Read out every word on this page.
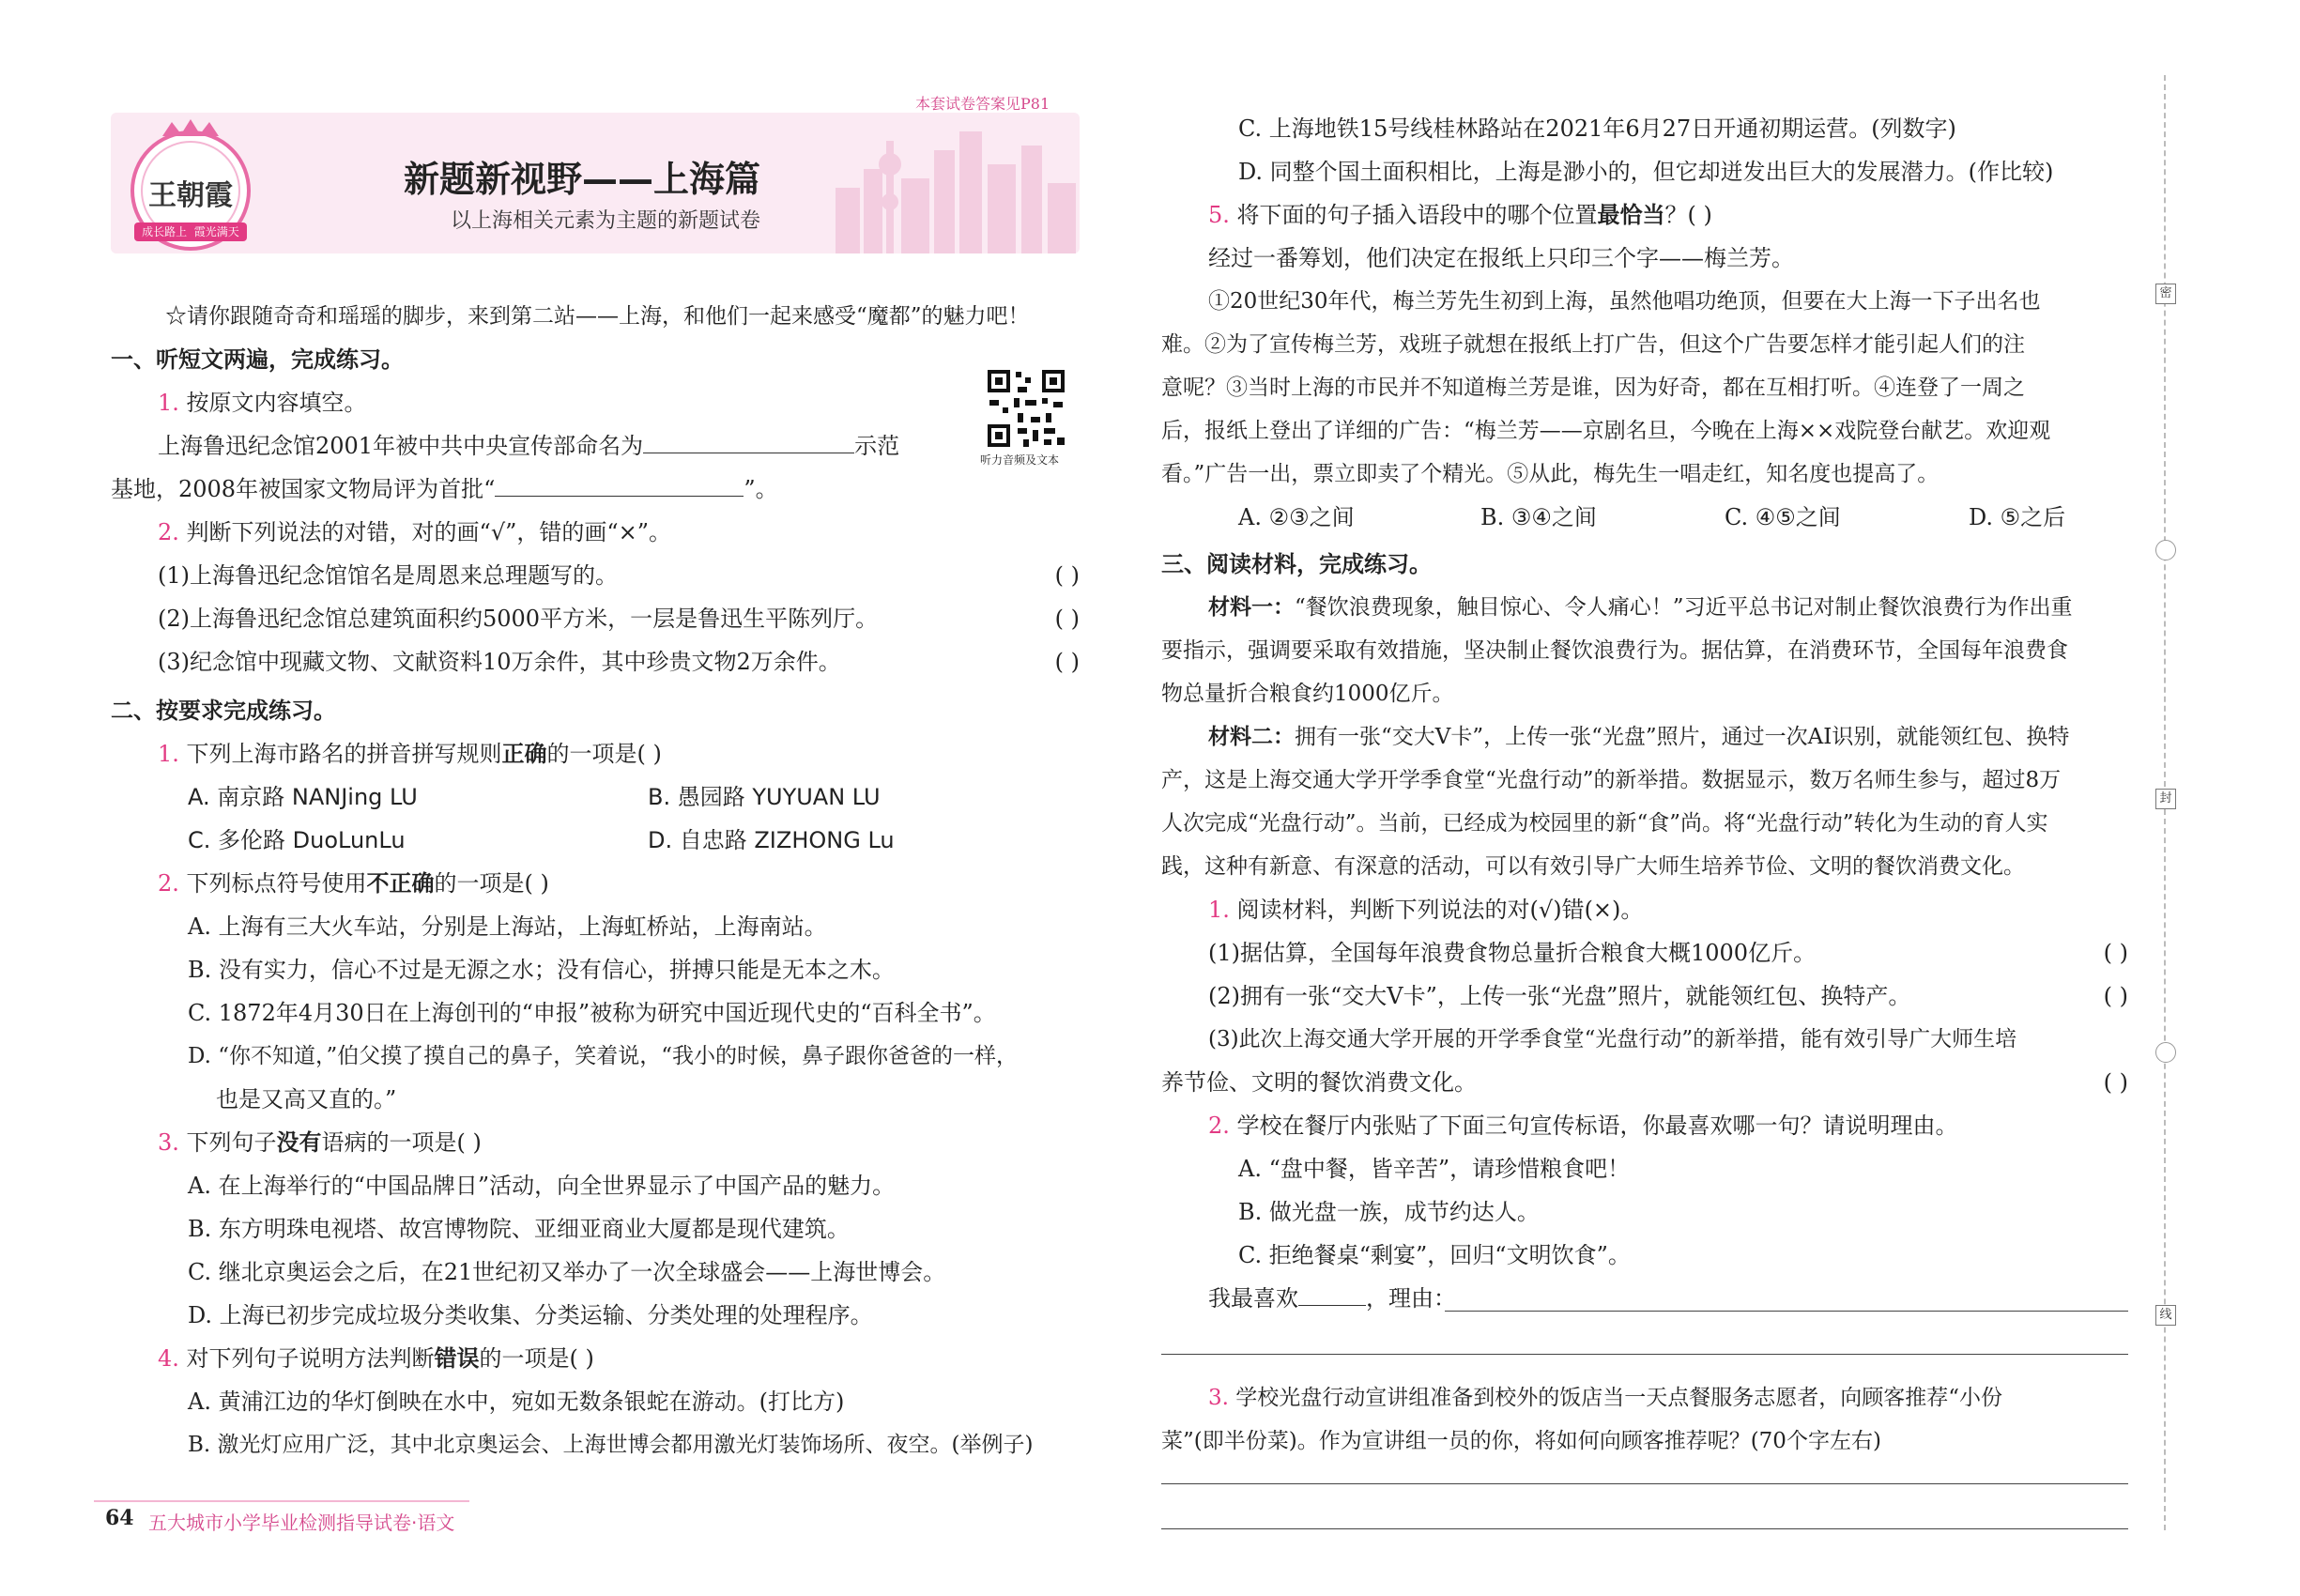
本套试卷答案见P81
王朝霞
成长路上  霞光满天
新题新视野——上海篇
以上海相关元素为主题的新题试卷
☆请你跟随奇奇和瑶瑶的脚步，来到第二站——上海，和他们一起来感受“魔都”的魅力吧！
听力音频及文本
一、听短文两遍，完成练习。
1. 按原文内容填空。
上海鲁迅纪念馆2001年被中共中央宣传部命名为	示范
基地，2008年被国家文物局评为首批“	”。
2. 判断下列说法的对错，对的画“√”，错的画“×”。
(1)上海鲁迅纪念馆馆名是周恩来总理题写的。	( )
(2)上海鲁迅纪念馆总建筑面积约5000平方米，一层是鲁迅生平陈列厅。	( )
(3)纪念馆中现藏文物、文献资料10万余件，其中珍贵文物2万余件。	( )
二、按要求完成练习。
1. 下列上海市路名的拼音拼写规则正确的一项是( )
A. 南京路 NANJing LU	B. 愚园路 YUYUAN LU
C. 多伦路 DuoLunLu	D. 自忠路 ZIZHONG Lu
2. 下列标点符号使用不正确的一项是( )
A. 上海有三大火车站，分别是上海站，上海虹桥站，上海南站。
B. 没有实力，信心不过是无源之水；没有信心，拼搏只能是无本之木。
C. 1872年4月30日在上海创刊的“申报”被称为研究中国近现代史的“百科全书”。
D. “你不知道，”伯父摸了摸自己的鼻子，笑着说，“我小的时候，鼻子跟你爸爸的一样，
也是又高又直的。”
3. 下列句子没有语病的一项是( )
A. 在上海举行的“中国品牌日”活动，向全世界显示了中国产品的魅力。
B. 东方明珠电视塔、故宫博物院、亚细亚商业大厦都是现代建筑。
C. 继北京奥运会之后，在21世纪初又举办了一次全球盛会——上海世博会。
D. 上海已初步完成垃圾分类收集、分类运输、分类处理的处理程序。
4. 对下列句子说明方法判断错误的一项是( )
A. 黄浦江边的华灯倒映在水中，宛如无数条银蛇在游动。(打比方)
B. 激光灯应用广泛，其中北京奥运会、上海世博会都用激光灯装饰场所、夜空。(举例子)
64 五大城市小学毕业检测指导试卷·语文
C. 上海地铁15号线桂林路站在2021年6月27日开通初期运营。(列数字)
D. 同整个国土面积相比，上海是渺小的，但它却迸发出巨大的发展潜力。(作比较)
5. 将下面的句子插入语段中的哪个位置最恰当？( )
经过一番筹划，他们决定在报纸上只印三个字——梅兰芳。
①20世纪30年代，梅兰芳先生初到上海，虽然他唱功绝顶，但要在大上海一下子出名也
难。②为了宣传梅兰芳，戏班子就想在报纸上打广告，但这个广告要怎样才能引起人们的注
意呢？③当时上海的市民并不知道梅兰芳是谁，因为好奇，都在互相打听。④连登了一周之
后，报纸上登出了详细的广告：“梅兰芳——京剧名旦，今晚在上海××戏院登台献艺。欢迎观
看。”广告一出，票立即卖了个精光。⑤从此，梅先生一唱走红，知名度也提高了。
A. ②③之间	B. ③④之间	C. ④⑤之间	D. ⑤之后
三、阅读材料，完成练习。
材料一：“餐饮浪费现象，触目惊心、令人痛心！”习近平总书记对制止餐饮浪费行为作出重
要指示，强调要采取有效措施，坚决制止餐饮浪费行为。据估算，在消费环节，全国每年浪费食
物总量折合粮食约1000亿斤。
材料二：拥有一张“交大V卡”，上传一张“光盘”照片，通过一次AI识别，就能领红包、换特
产，这是上海交通大学开学季食堂“光盘行动”的新举措。数据显示，数万名师生参与，超过8万
人次完成“光盘行动”。当前，已经成为校园里的新“食”尚。将“光盘行动”转化为生动的育人实
践，这种有新意、有深意的活动，可以有效引导广大师生培养节俭、文明的餐饮消费文化。
1. 阅读材料，判断下列说法的对(√)错(×)。
(1)据估算，全国每年浪费食物总量折合粮食大概1000亿斤。	( )
(2)拥有一张“交大V卡”，上传一张“光盘”照片，就能领红包、换特产。	( )
(3)此次上海交通大学开展的开学季食堂“光盘行动”的新举措，能有效引导广大师生培
养节俭、文明的餐饮消费文化。	( )
2. 学校在餐厅内张贴了下面三句宣传标语，你最喜欢哪一句？请说明理由。
A. “盘中餐，皆辛苦”，请珍惜粮食吧！
B. 做光盘一族，成节约达人。
C. 拒绝餐桌“剩宴”，回归“文明饮食”。
我最喜欢	，理由：
3. 学校光盘行动宣讲组准备到校外的饭店当一天点餐服务志愿者，向顾客推荐“小份
菜”(即半份菜)。作为宣讲组一员的你，将如何向顾客推荐呢？(70个字左右)
密
封
线
